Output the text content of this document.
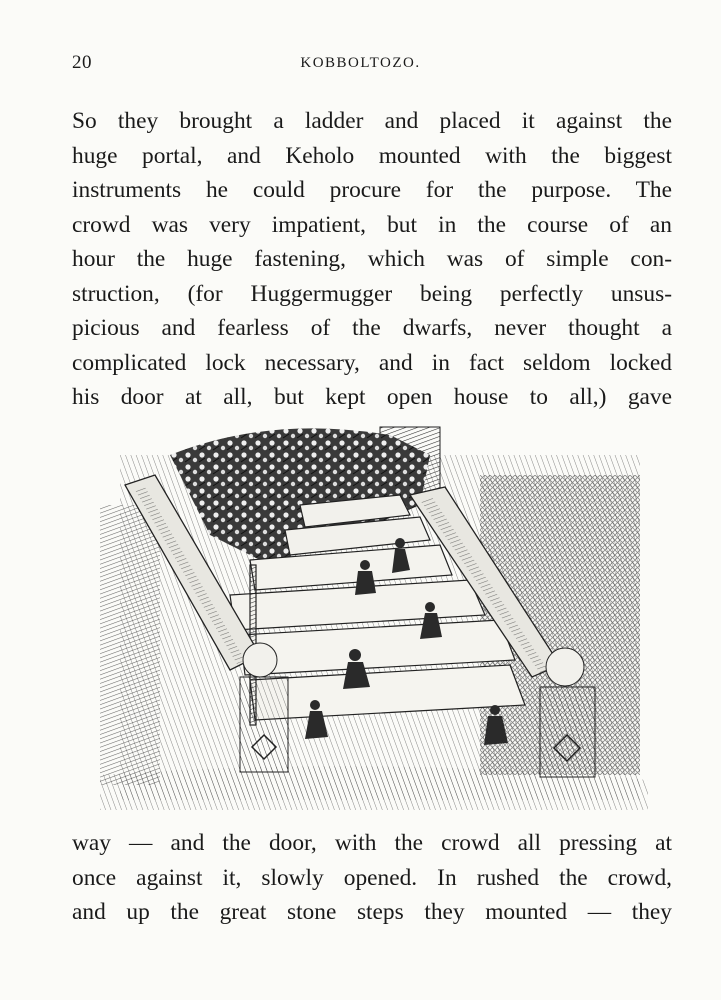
20	KOBBOLTOZO.
So they brought a ladder and placed it against the
huge portal, and Keholo mounted with the biggest
instruments he could procure for the purpose. The
crowd was very impatient, but in the course of an
hour the huge fastening, which was of simple con-
struction, (for Huggermugger being perfectly unsus-
picious and fearless of the dwarfs, never thought a
complicated lock necessary, and in fact seldom locked
his door at all, but kept open house to all,) gave
way — and the door, with the crowd all pressing at
once against it, slowly opened. In rushed the crowd,
and up the great stone steps they mounted — they
